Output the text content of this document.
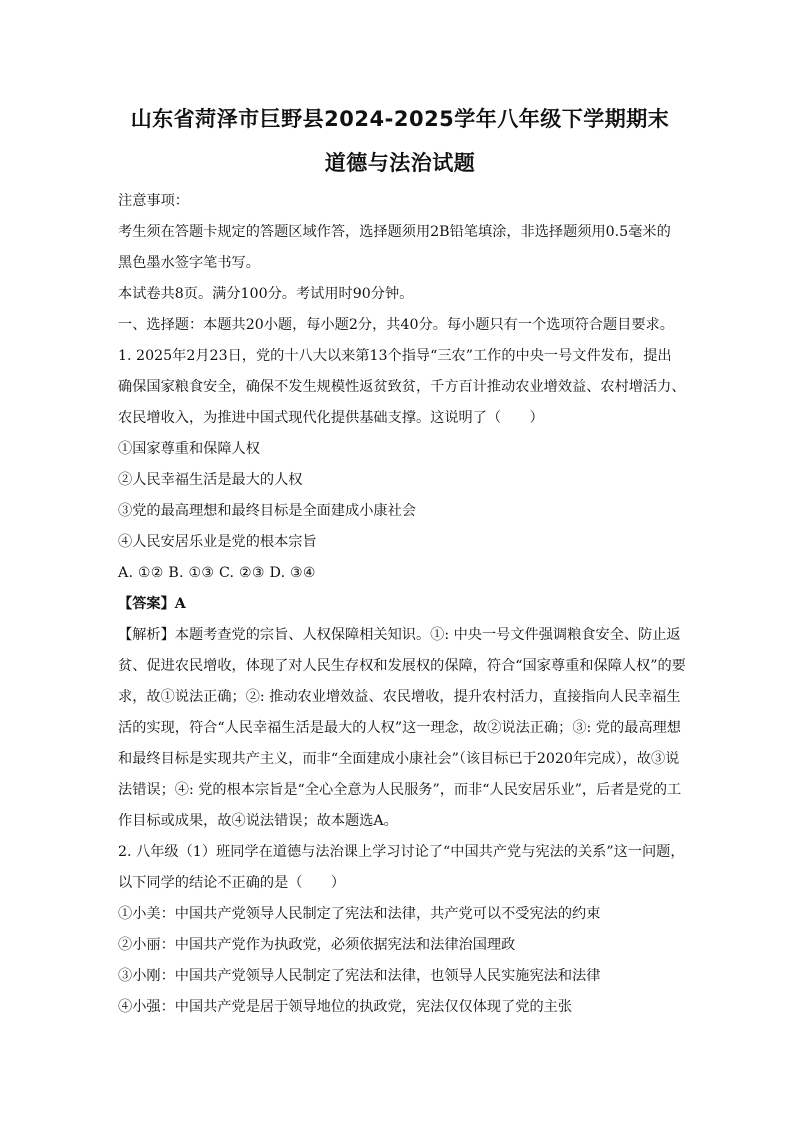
山东省菏泽市巨野县2024-2025学年八年级下学期期末
道德与法治试题

注意事项：

考生须在答题卡规定的答题区域作答，选择题须用2B铅笔填涂，非选择题须用0.5毫米的

黑色墨水签字笔书写。

本试卷共8页。满分100分。考试用时90分钟。

一、选择题：本题共20小题，每小题2分，共40分。每小题只有一个选项符合题目要求。

1. 2025年2月23日，党的十八大以来第13个指导“三农”工作的中央一号文件发布，提出

确保国家粮食安全，确保不发生规模性返贫致贫，千方百计推动农业增效益、农村增活力、

农民增收入，为推进中国式现代化提供基础支撑。这说明了（　　）

①国家尊重和保障人权

②人民幸福生活是最大的人权

③党的最高理想和最终目标是全面建成小康社会

④人民安居乐业是党的根本宗旨

A. ①② B. ①③ C. ②③ D. ③④

【答案】A

【解析】本题考查党的宗旨、人权保障相关知识。①: 中央一号文件强调粮食安全、防止返

贫、促进农民增收，体现了对人民生存权和发展权的保障，符合“国家尊重和保障人权”的要

求，故①说法正确；②: 推动农业增效益、农民增收，提升农村活力，直接指向人民幸福生

活的实现，符合“人民幸福生活是最大的人权”这一理念，故②说法正确；③: 党的最高理想

和最终目标是实现共产主义，而非“全面建成小康社会”（该目标已于2020年完成），故③说

法错误；④: 党的根本宗旨是“全心全意为人民服务”，而非“人民安居乐业”，后者是党的工

作目标或成果，故④说法错误；故本题选A。

2. 八年级（1）班同学在道德与法治课上学习讨论了“中国共产党与宪法的关系”这一问题，

以下同学的结论不正确的是（　　）

①小美：中国共产党领导人民制定了宪法和法律，共产党可以不受宪法的约束

②小丽：中国共产党作为执政党，必须依据宪法和法律治国理政

③小刚：中国共产党领导人民制定了宪法和法律，也领导人民实施宪法和法律

④小强：中国共产党是居于领导地位的执政党，宪法仅仅体现了党的主张
